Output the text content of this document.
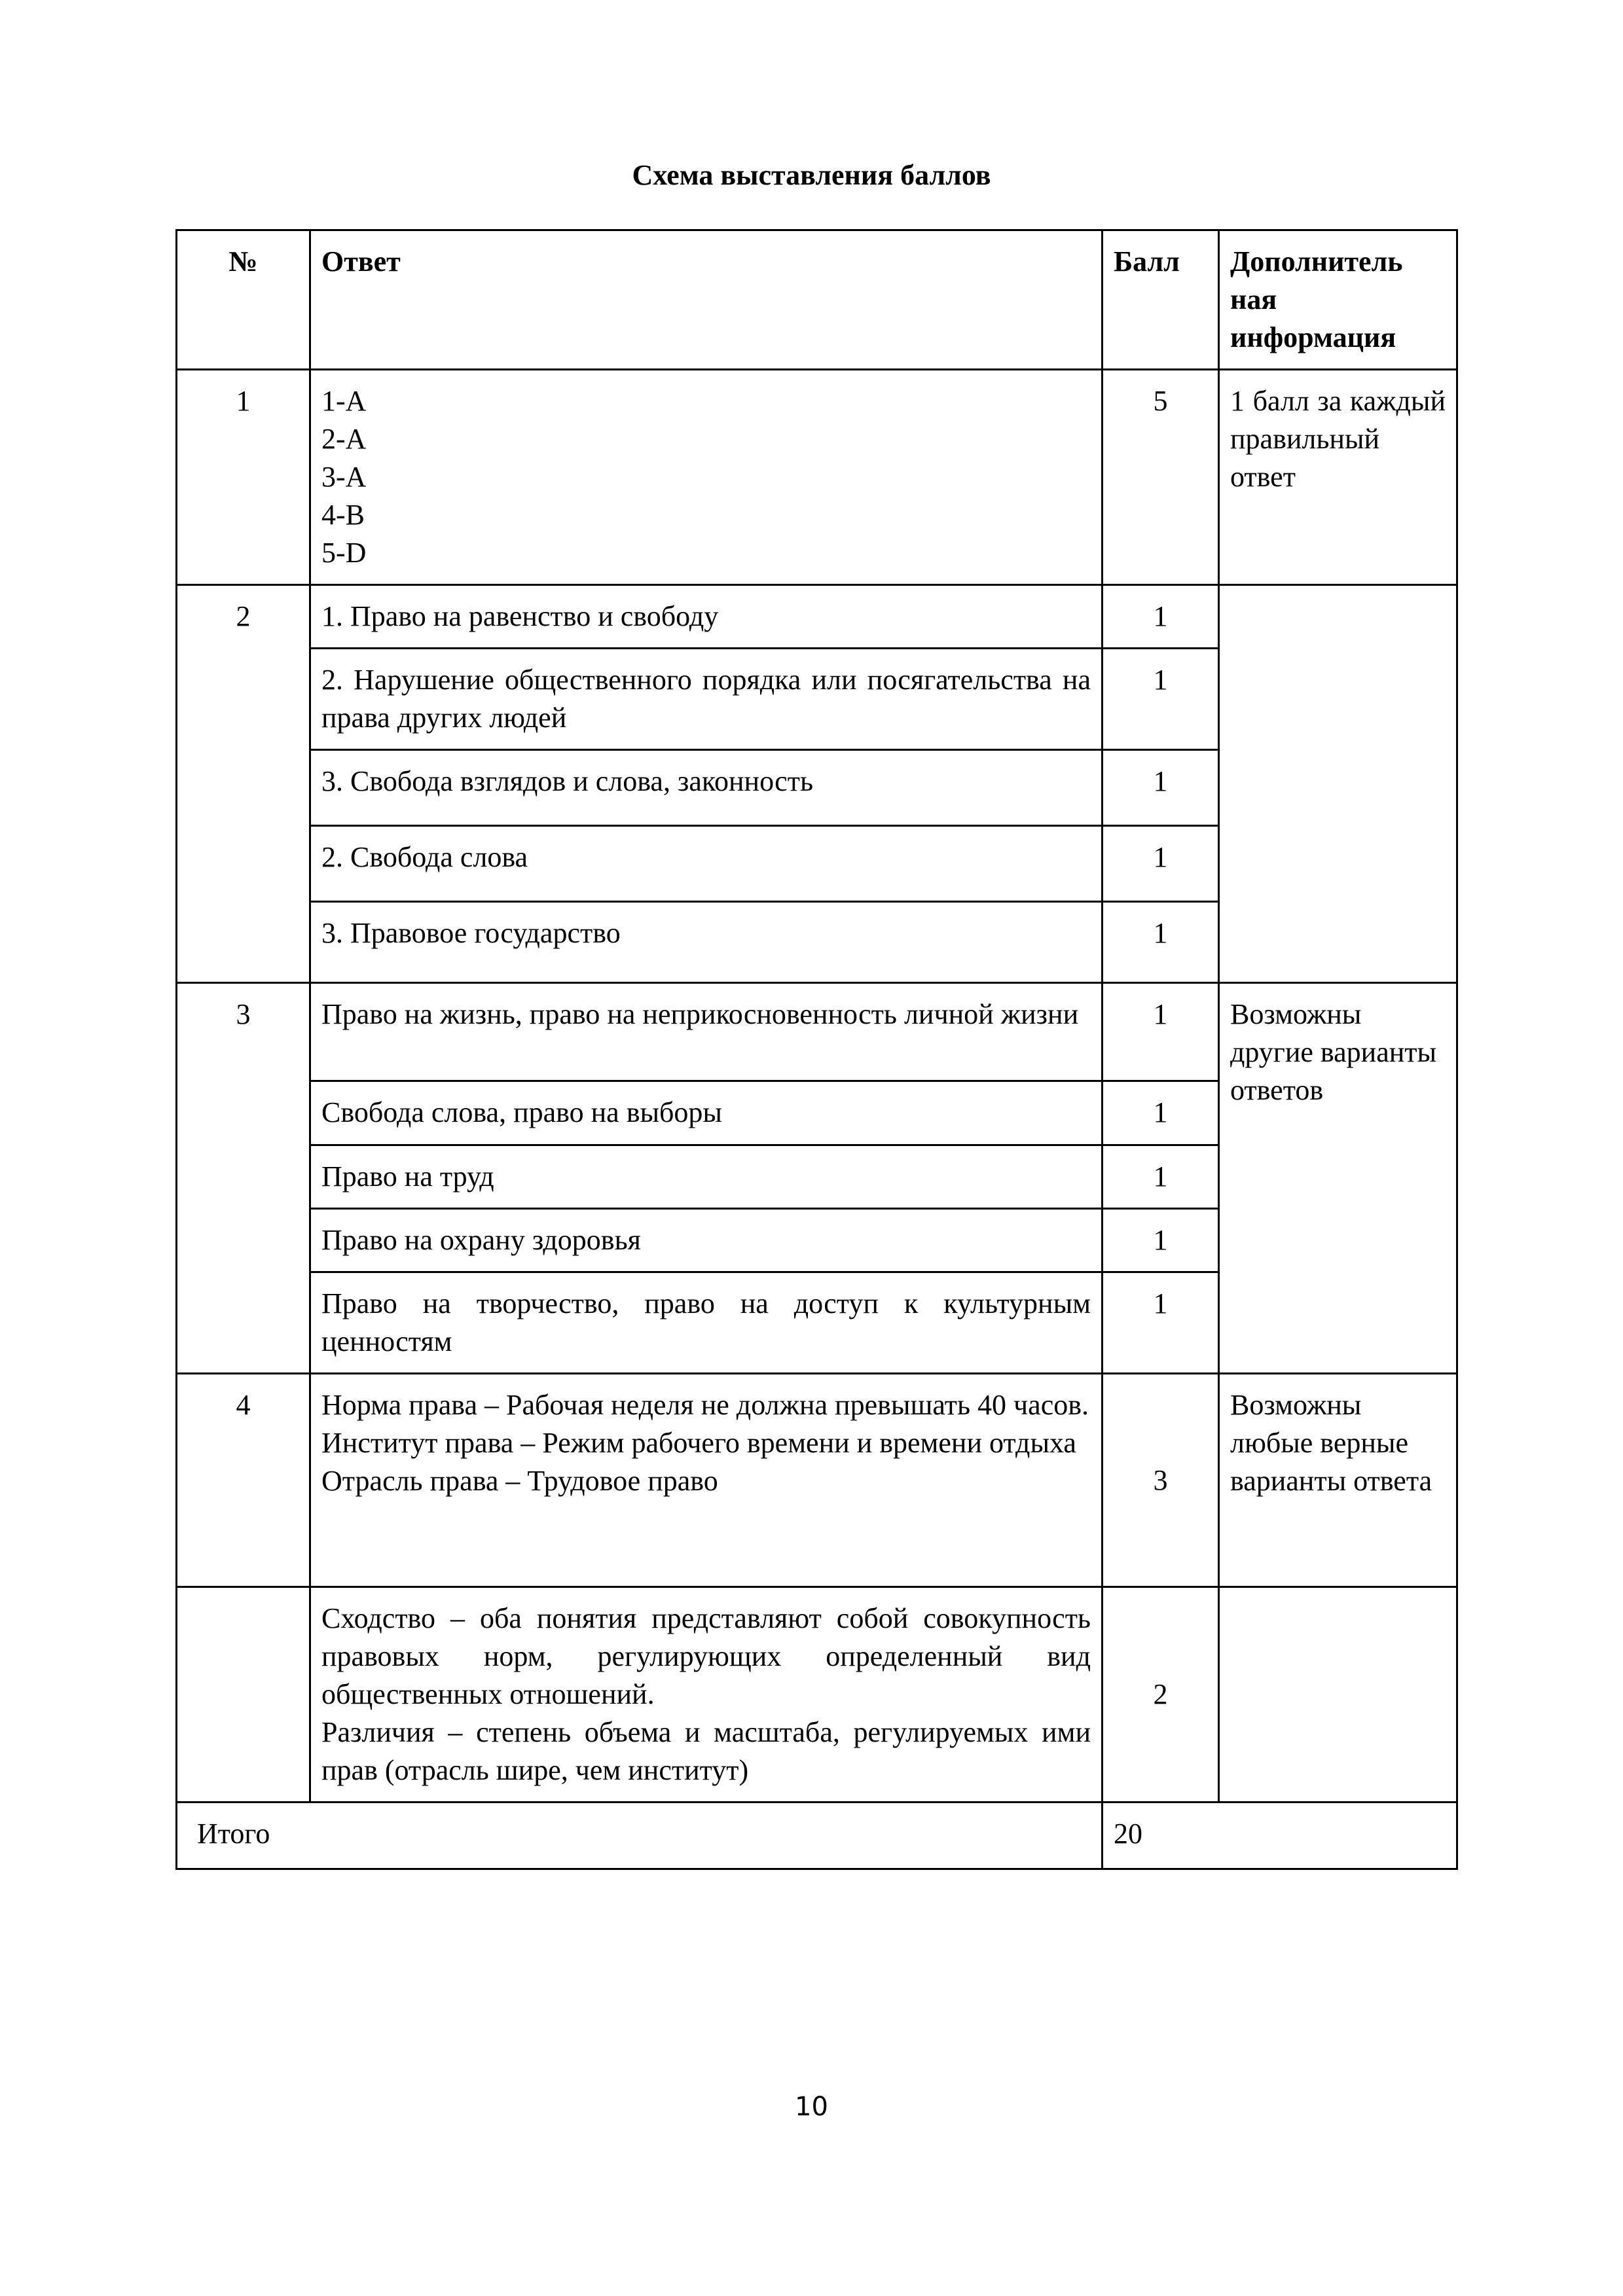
Схема выставления баллов
№	Ответ	Балл	Дополнитель
ная
информация

1	1-А
2-А
3-А
4-В
5-D	5	1 балл за каждый правильный ответ
2	1. Право на равенство и свободу	1	
	2. Нарушение общественного порядка или посягательства на права других людей	1	
	3. Свобода взглядов и слова, законность	1	
	2. Свобода слова	1	
	3. Правовое государство	1	
3	Право на жизнь, право на неприкосновенность личной жизни	1	Возможны другие варианты ответов
	Свобода слова, право на выборы	1	
	Право на труд	1	
	Право на охрану здоровья	1	
	Право на творчество, право на доступ к культурным ценностям	1	
4	Норма права – Рабочая неделя не должна превышать 40 часов.
Институт права – Режим рабочего времени и времени отдыха
Отрасль права – Трудовое право	3	Возможны любые верные варианты ответа

	Сходство – оба понятия представляют собой совокупность правовых норм, регулирующих определенный вид общественных отношений.
Различия – степень объема и масштаба, регулируемых ими прав (отрасль шире, чем институт)	2	
Итого		20	
10
